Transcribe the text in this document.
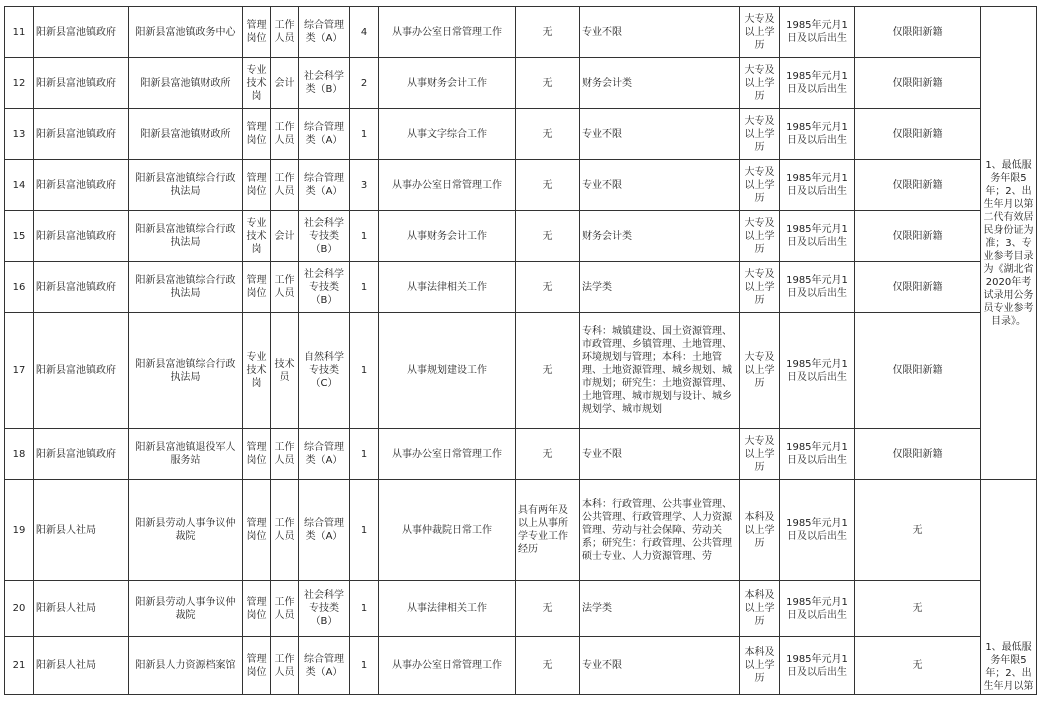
11	阳新县富池镇政府	阳新县富池镇政务中心	管理岗位	工作人员	综合管理类（A）	4	从事办公室日常管理工作	无	专业不限	大专及以上学历	1985年元月1日及以后出生	仅限阳新籍	1、最低服务年限5年；2、出生年月以第二代有效居民身份证为准；3、专业参考目录为《湖北省2020年考试录用公务员专业参考目录》。

12	阳新县富池镇政府	阳新县富池镇财政所	专业技术岗	会计	社会科学类（B）	2	从事财务会计工作	无	财务会计类	大专及以上学历	1985年元月1日及以后出生	仅限阳新籍	
13	阳新县富池镇政府	阳新县富池镇财政所	管理岗位	工作人员	综合管理类（A）	1	从事文字综合工作	无	专业不限	大专及以上学历	1985年元月1日及以后出生	仅限阳新籍	
14	阳新县富池镇政府	阳新县富池镇综合行政执法局	管理岗位	工作人员	综合管理类（A）	3	从事办公室日常管理工作	无	专业不限	大专及以上学历	1985年元月1日及以后出生	仅限阳新籍	
15	阳新县富池镇政府	阳新县富池镇综合行政执法局	专业技术岗	会计	社会科学专技类（B）	1	从事财务会计工作	无	财务会计类	大专及以上学历	1985年元月1日及以后出生	仅限阳新籍	
16	阳新县富池镇政府	阳新县富池镇综合行政执法局	管理岗位	工作人员	社会科学专技类（B）	1	从事法律相关工作	无	法学类	大专及以上学历	1985年元月1日及以后出生	仅限阳新籍	
17	阳新县富池镇政府	阳新县富池镇综合行政执法局	专业技术岗	技术员	自然科学专技类（C）	1	从事规划建设工作	无	专科：城镇建设、国土资源管理、市政管理、乡镇管理、土地管理、环境规划与管理；本科：土地管理、土地资源管理、城乡规划、城市规划；研究生：土地资源管理、土地管理、城市规划与设计、城乡规划学、城市规划	大专及以上学历	1985年元月1日及以后出生	仅限阳新籍	
18	阳新县富池镇政府	阳新县富池镇退役军人服务站	管理岗位	工作人员	综合管理类（A）	1	从事办公室日常管理工作	无	专业不限	大专及以上学历	1985年元月1日及以后出生	仅限阳新籍	
19	阳新县人社局	阳新县劳动人事争议仲裁院	管理岗位	工作人员	综合管理类（A）	1	从事仲裁院日常工作	具有两年及以上从事所学专业工作经历	本科：行政管理、公共事业管理、公共管理、行政管理学、人力资源管理、劳动与社会保障、劳动关系；研究生：行政管理、公共管理硕士专业、人力资源管理、劳	本科及以上学历	1985年元月1日及以后出生	无	1、最低服务年限5年；2、出生年月以第

20	阳新县人社局	阳新县劳动人事争议仲裁院	管理岗位	工作人员	社会科学专技类（B）	1	从事法律相关工作	无	法学类	本科及以上学历	1985年元月1日及以后出生	无	
21	阳新县人社局	阳新县人力资源档案馆	管理岗位	工作人员	综合管理类（A）	1	从事办公室日常管理工作	无	专业不限	本科及以上学历	1985年元月1日及以后出生	无	
